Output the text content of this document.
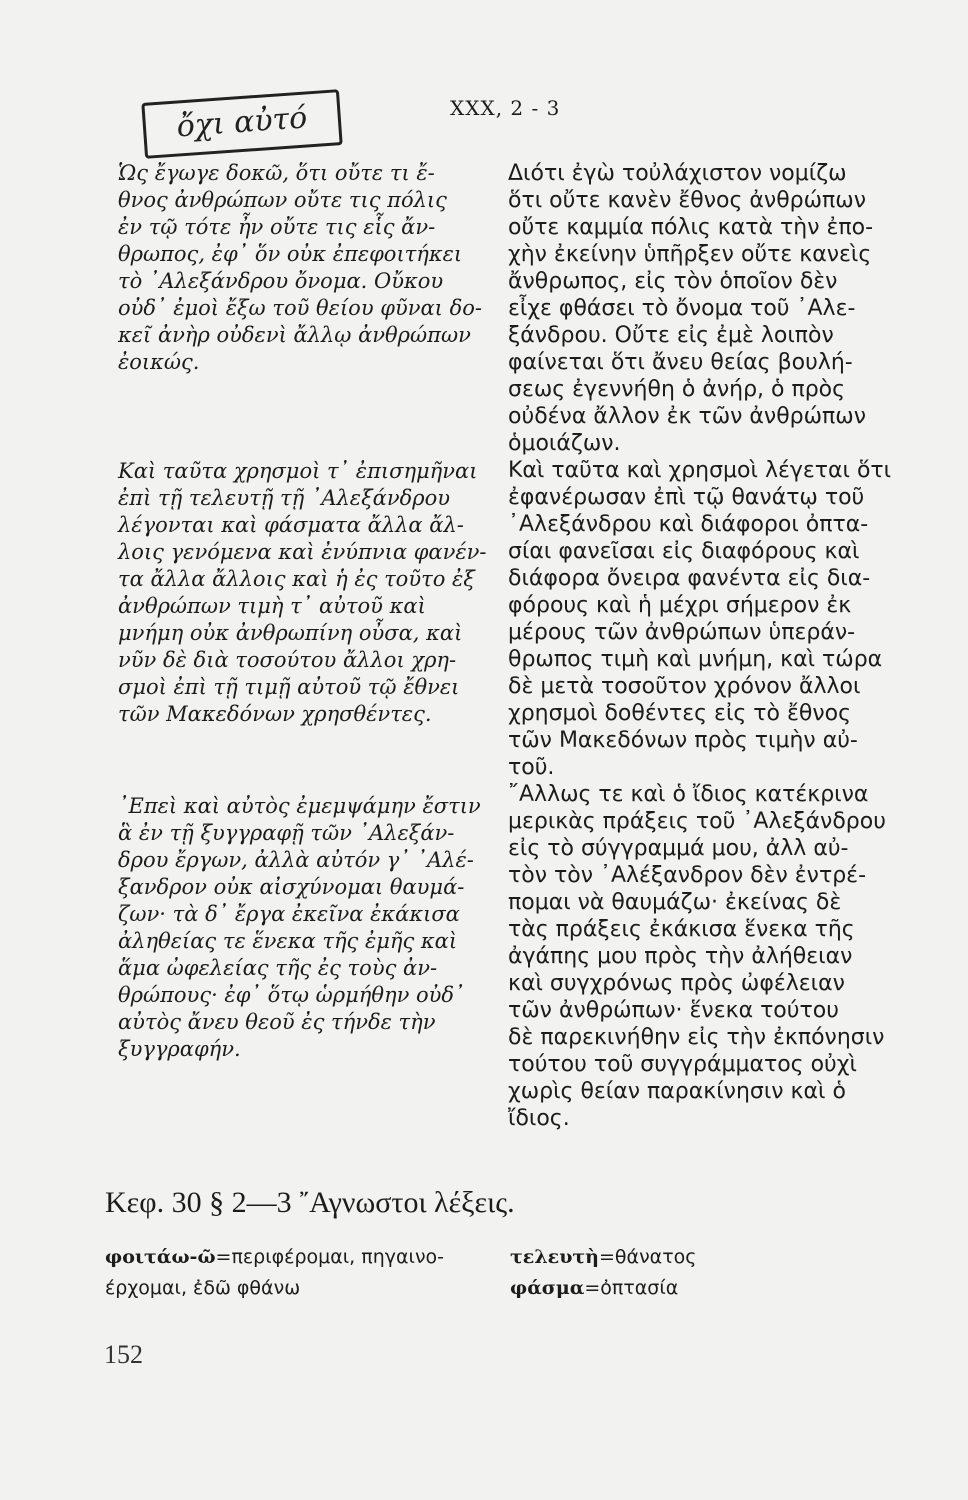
ὄχι αὐτό	XXX, 2 - 3

Ὡς ἔγωγε δοκῶ, ὅτι οὔτε τι ἔ-
θνος ἀνθρώπων οὔτε τις πόλις
ἐν τῷ τότε ἦν οὔτε τις εἷς ἄν-
θρωπος, ἐφ᾽ ὅν οὐκ ἐπεφοιτήκει
τὸ ᾽Αλεξάνδρου ὄνομα. Οὔκου
οὐδ᾽ ἐμοὶ ἔξω τοῦ θείου φῦναι δο-
κεῖ ἀνὴρ οὐδενὶ ἄλλῳ ἀνθρώπων
ἐοικώς.

Καὶ ταῦτα χρησμοὶ τ᾽ ἐπισημῆναι
ἐπὶ τῇ τελευτῇ τῇ ᾽Αλεξάνδρου
λέγονται καὶ φάσματα ἄλλα ἄλ-
λοις γενόμενα καὶ ἐνύπνια φανέν-
τα ἄλλα ἄλλοις καὶ ἡ ἐς τοῦτο ἐξ
ἀνθρώπων τιμὴ τ᾽ αὐτοῦ καὶ
μνήμη οὐκ ἀνθρωπίνη οὖσα, καὶ
νῦν δὲ διὰ τοσούτου ἄλλοι χρη-
σμοὶ ἐπὶ τῇ τιμῇ αὐτοῦ τῷ ἔθνει
τῶν Μακεδόνων χρησθέντες.

᾽Επεὶ καὶ αὐτὸς ἐμεμψάμην ἔστιν
ἃ ἐν τῇ ξυγγραφῇ τῶν ᾽Αλεξάν-
δρου ἔργων, ἀλλὰ αὐτόν γ᾽ ᾽Αλέ-
ξανδρον οὐκ αἰσχύνομαι θαυμά-
ζων· τὰ δ᾽ ἔργα ἐκεῖνα ἐκάκισα
ἀληθείας τε ἕνεκα τῆς ἐμῆς καὶ
ἅμα ὠφελείας τῆς ἐς τοὺς ἀν-
θρώπους· ἐφ᾽ ὅτῳ ὡρμήθην οὐδ᾽
αὐτὸς ἄνευ θεοῦ ἐς τήνδε τὴν
ξυγγραφήν.

Διότι ἐγὼ τοὐλάχιστον νομίζω
ὅτι οὔτε κανὲν ἔθνος ἀνθρώπων
οὔτε καμμία πόλις κατὰ τὴν ἐπο-
χὴν ἐκείνην ὑπῆρξεν οὔτε κανεὶς
ἄνθρωπος, εἰς τὸν ὁποῖον δὲν
εἶχε φθάσει τὸ ὄνομα τοῦ ᾽Αλε-
ξάνδρου. Οὔτε εἰς ἐμὲ λοιπὸν
φαίνεται ὅτι ἄνευ θείας βουλή-
σεως ἐγεννήθη ὁ ἀνήρ, ὁ πρὸς
οὐδένα ἄλλον ἐκ τῶν ἀνθρώπων
ὁμοιάζων.

Καὶ ταῦτα καὶ χρησμοὶ λέγεται ὅτι
ἐφανέρωσαν ἐπὶ τῷ θανάτῳ τοῦ
᾽Αλεξάνδρου καὶ διάφοροι ὀπτα-
σίαι φανεῖσαι εἰς διαφόρους καὶ
διάφορα ὄνειρα φανέντα εἰς δια-
φόρους καὶ ἡ μέχρι σήμερον ἐκ
μέρους τῶν ἀνθρώπων ὑπεράν-
θρωπος τιμὴ καὶ μνήμη, καὶ τώρα
δὲ μετὰ τοσοῦτον χρόνον ἄλλοι
χρησμοὶ δοθέντες εἰς τὸ ἔθνος
τῶν Μακεδόνων πρὸς τιμὴν αὐ-
τοῦ.

῎Αλλως τε καὶ ὁ ἴδιος κατέκρινα
μερικὰς πράξεις τοῦ ᾽Αλεξάνδρου
εἰς τὸ σύγγραμμά μου, ἀλλ αὐ-
τὸν τὸν ᾽Αλέξανδρον δὲν ἐντρέ-
πομαι νὰ θαυμάζω· ἐκείνας δὲ
τὰς πράξεις ἐκάκισα ἕνεκα τῆς
ἀγάπης μου πρὸς τὴν ἀλήθειαν
καὶ συγχρόνως πρὸς ὠφέλειαν
τῶν ἀνθρώπων· ἕνεκα τούτου
δὲ παρεκινήθην εἰς τὴν ἐκπόνησιν
τούτου τοῦ συγγράμματος οὐχὶ
χωρὶς θείαν παρακίνησιν καὶ ὁ
ἴδιος.

Κεφ. 30 § 2—3 ῎Αγνωστοι λέξεις.
φοιτάω-ῶ=περιφέρομαι, πηγαινο-
έρχομαι, ἐδῶ φθάνω
τελευτὴ=θάνατος
φάσμα=ὀπτασία
152
